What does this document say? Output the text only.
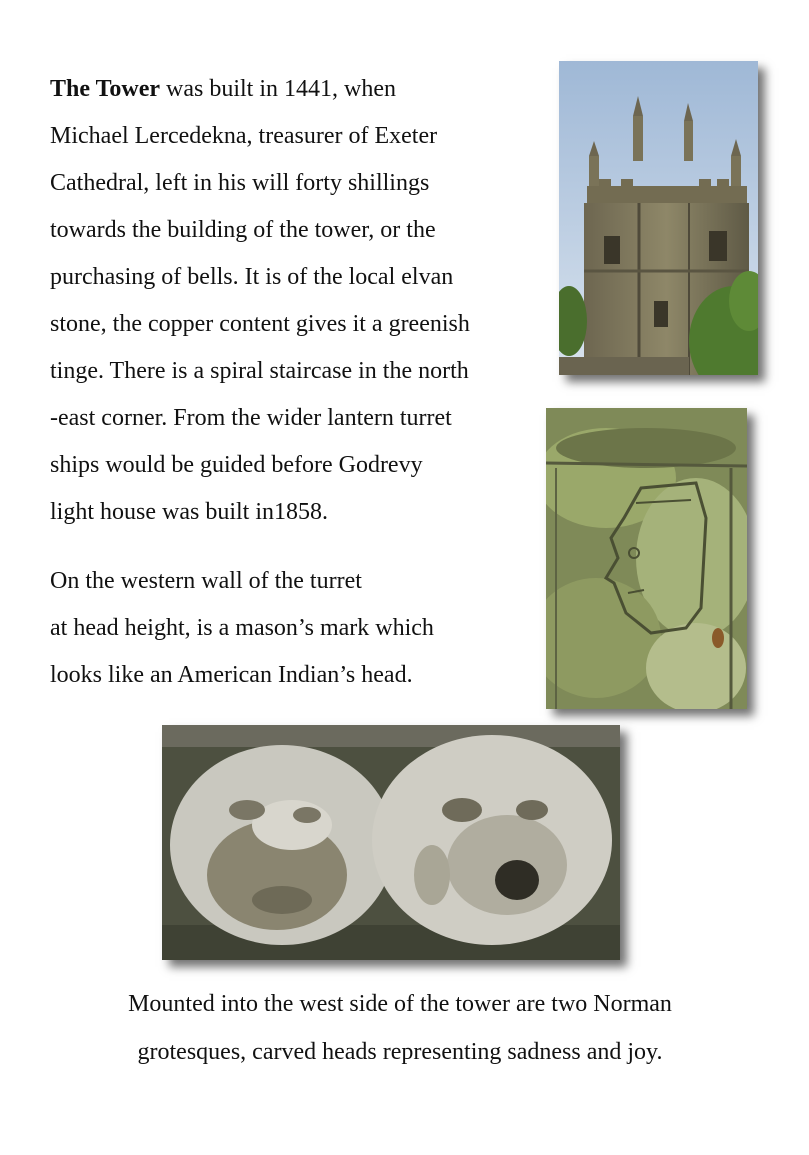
The Tower was built in 1441, when
Michael Lercedekna, treasurer of Exeter
Cathedral, left in his will forty shillings
towards the building of the tower, or the
purchasing of bells. It is of the local elvan
stone, the copper content gives it a greenish
tinge. There is a spiral staircase in the north
-east corner. From the wider lantern turret
ships would be guided before Godrevy
light house was built in1858.
On the western wall of the turret
at head height, is a mason’s mark which
looks like an American Indian’s head.
Mounted into the west side of the tower are two Norman
grotesques, carved heads representing sadness and joy.
